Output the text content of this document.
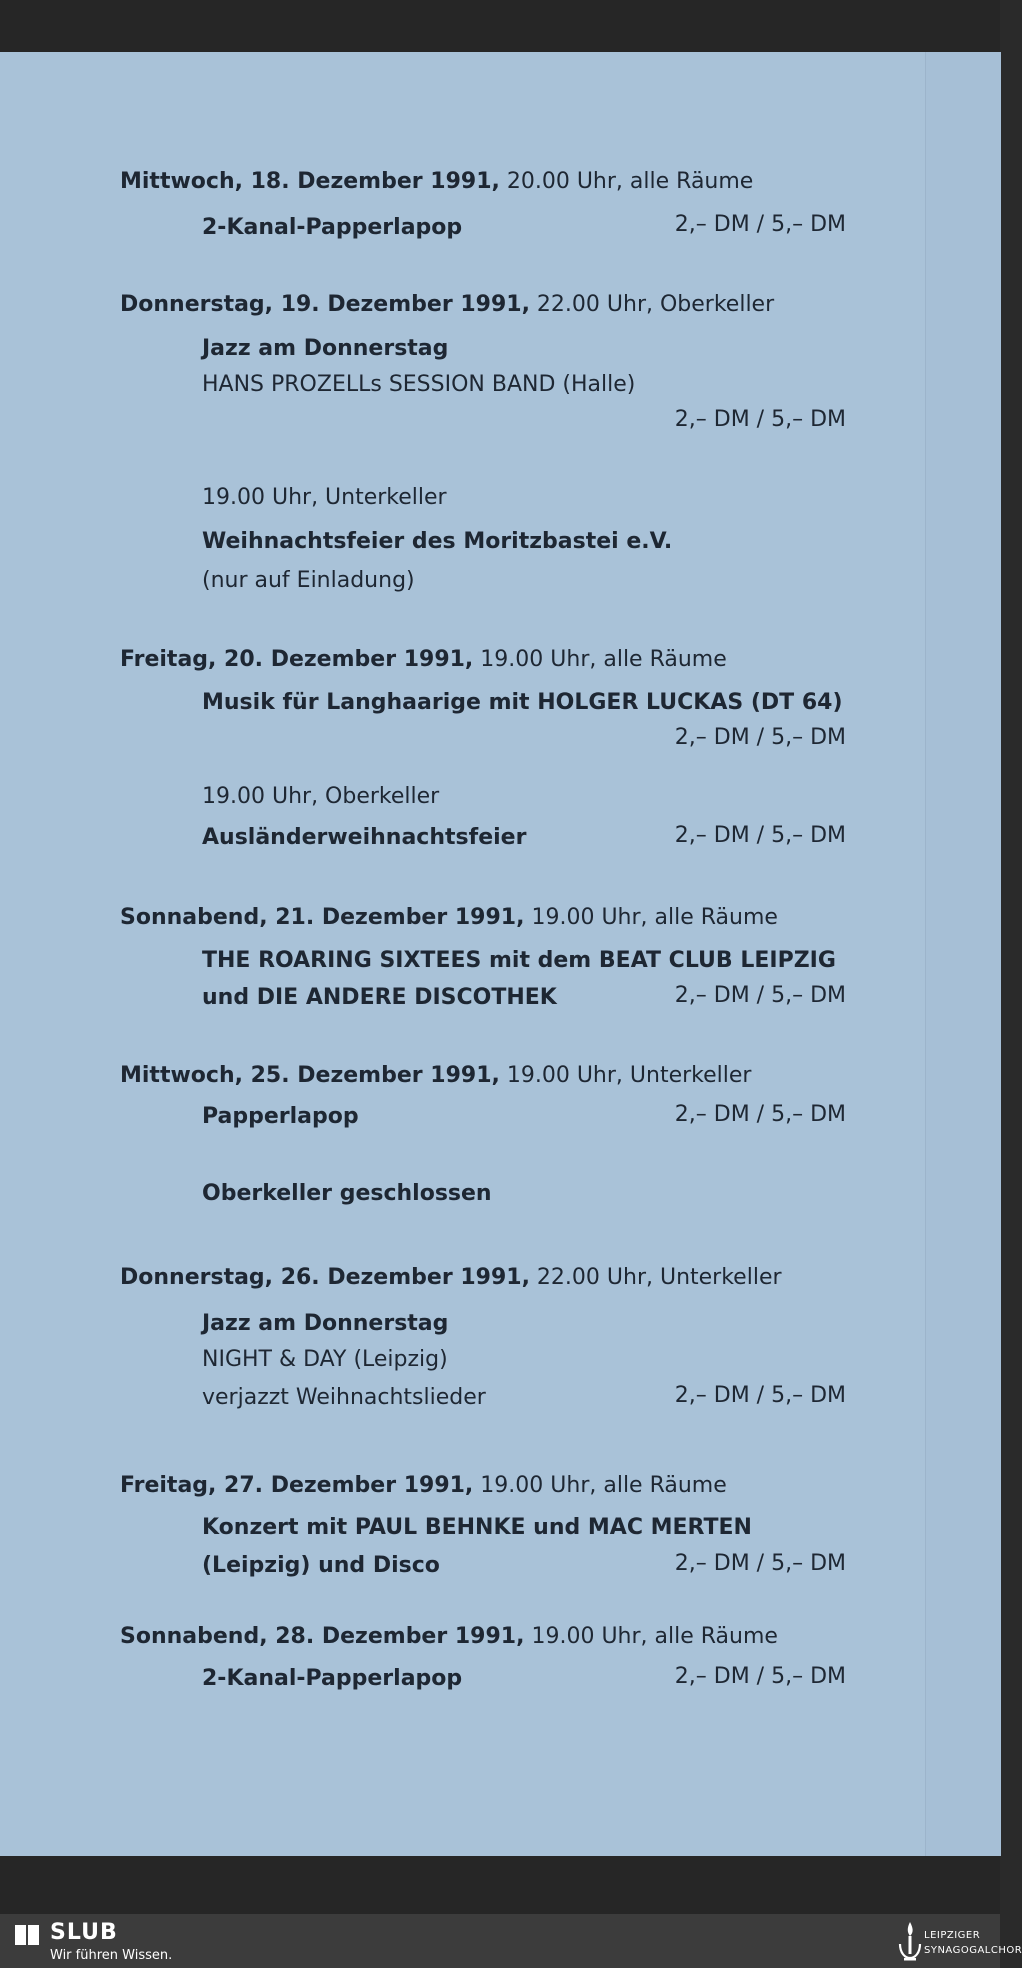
Mittwoch, 18. Dezember 1991, 20.00 Uhr, alle Räume
2-Kanal-Papperlapop	2,– DM / 5,– DM
Donnerstag, 19. Dezember 1991, 22.00 Uhr, Oberkeller
Jazz am Donnerstag
HANS PROZELLs SESSION BAND (Halle)
2,– DM / 5,– DM
19.00 Uhr, Unterkeller
Weihnachtsfeier des Moritzbastei e.V.
(nur auf Einladung)
Freitag, 20. Dezember 1991, 19.00 Uhr, alle Räume
Musik für Langhaarige mit HOLGER LUCKAS (DT 64)
2,– DM / 5,– DM
19.00 Uhr, Oberkeller
Ausländerweihnachtsfeier	2,– DM / 5,– DM
Sonnabend, 21. Dezember 1991, 19.00 Uhr, alle Räume
THE ROARING SIXTEES mit dem BEAT CLUB LEIPZIG
und DIE ANDERE DISCOTHEK	2,– DM / 5,– DM
Mittwoch, 25. Dezember 1991, 19.00 Uhr, Unterkeller
Papperlapop	2,– DM / 5,– DM
Oberkeller geschlossen
Donnerstag, 26. Dezember 1991, 22.00 Uhr, Unterkeller
Jazz am Donnerstag
NIGHT & DAY (Leipzig)
verjazzt Weihnachtslieder	2,– DM / 5,– DM
Freitag, 27. Dezember 1991, 19.00 Uhr, alle Räume
Konzert mit PAUL BEHNKE und MAC MERTEN
(Leipzig) und Disco	2,– DM / 5,– DM
Sonnabend, 28. Dezember 1991, 19.00 Uhr, alle Räume
2-Kanal-Papperlapop	2,– DM / 5,– DM
SLUB
Wir führen Wissen.
LEIPZIGER
SYNAGOGALCHOR
